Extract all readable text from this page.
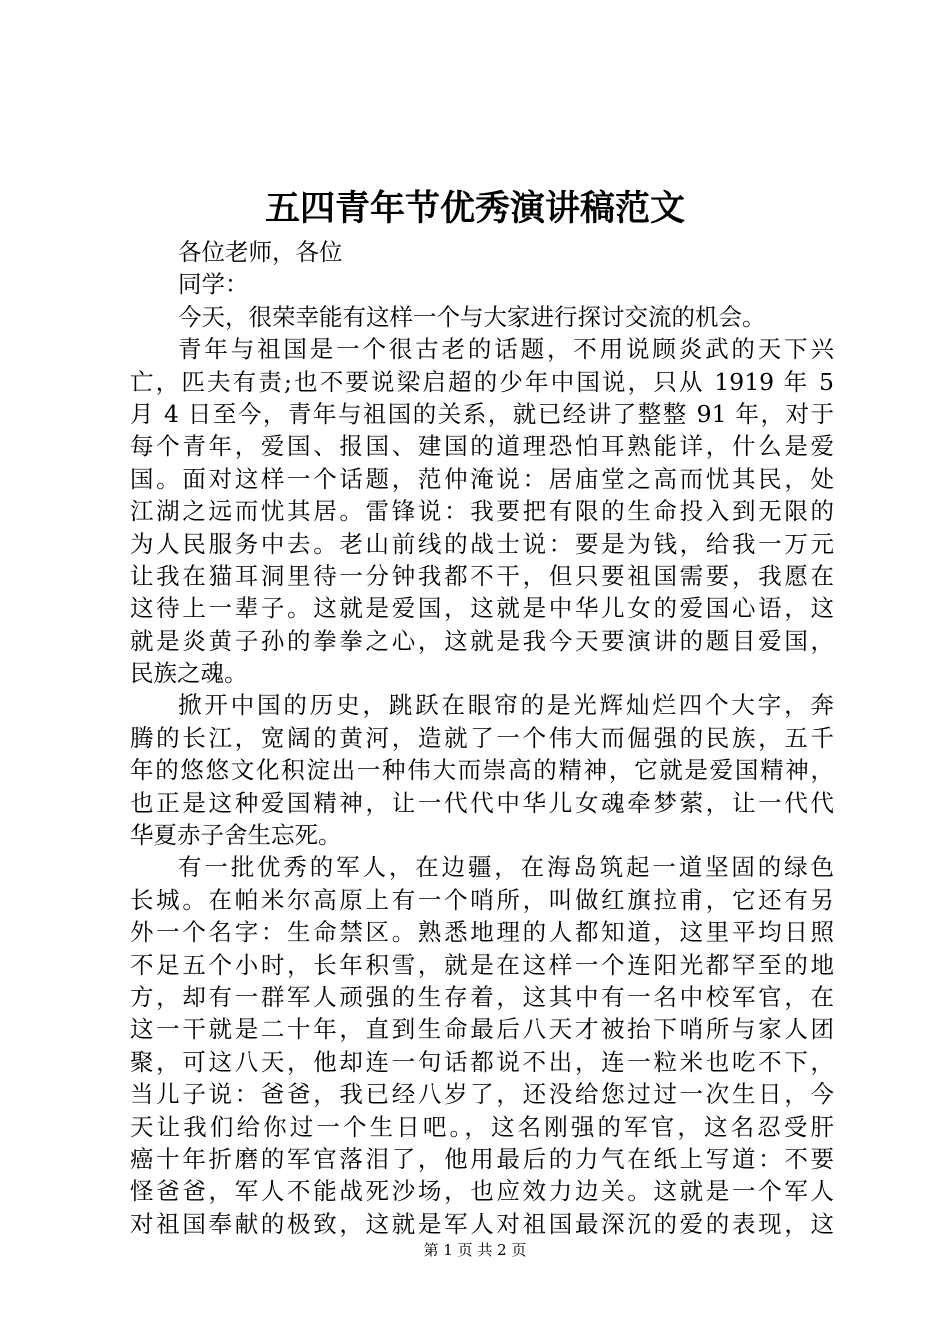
五四青年节优秀演讲稿范文
各位老师，各位
同学：
今天，很荣幸能有这样一个与大家进行探讨交流的机会。
青年与祖国是一个很古老的话题，不用说顾炎武的天下兴
亡，匹夫有责;也不要说梁启超的少年中国说，只从 1919 年 5
月 4 日至今，青年与祖国的关系，就已经讲了整整 91 年，对于
每个青年，爱国、报国、建国的道理恐怕耳熟能详，什么是爱
国。面对这样一个话题，范仲淹说：居庙堂之高而忧其民，处
江湖之远而忧其居。雷锋说：我要把有限的生命投入到无限的
为人民服务中去。老山前线的战士说：要是为钱，给我一万元
让我在猫耳洞里待一分钟我都不干，但只要祖国需要，我愿在
这待上一辈子。这就是爱国，这就是中华儿女的爱国心语，这
就是炎黄子孙的拳拳之心，这就是我今天要演讲的题目爱国，
民族之魂。
掀开中国的历史，跳跃在眼帘的是光辉灿烂四个大字，奔
腾的长江，宽阔的黄河，造就了一个伟大而倔强的民族，五千
年的悠悠文化积淀出一种伟大而崇高的精神，它就是爱国精神，
也正是这种爱国精神，让一代代中华儿女魂牵梦萦，让一代代
华夏赤子舍生忘死。
有一批优秀的军人，在边疆，在海岛筑起一道坚固的绿色
长城。在帕米尔高原上有一个哨所，叫做红旗拉甫，它还有另
外一个名字：生命禁区。熟悉地理的人都知道，这里平均日照
不足五个小时，长年积雪，就是在这样一个连阳光都罕至的地
方，却有一群军人顽强的生存着，这其中有一名中校军官，在
这一干就是二十年，直到生命最后八天才被抬下哨所与家人团
聚，可这八天，他却连一句话都说不出，连一粒米也吃不下，
当儿子说：爸爸，我已经八岁了，还没给您过过一次生日，今
天让我们给你过一个生日吧。，这名刚强的军官，这名忍受肝
癌十年折磨的军官落泪了，他用最后的力气在纸上写道：不要
怪爸爸，军人不能战死沙场，也应效力边关。这就是一个军人
对祖国奉献的极致，这就是军人对祖国最深沉的爱的表现，这
第 1 页 共 2 页
